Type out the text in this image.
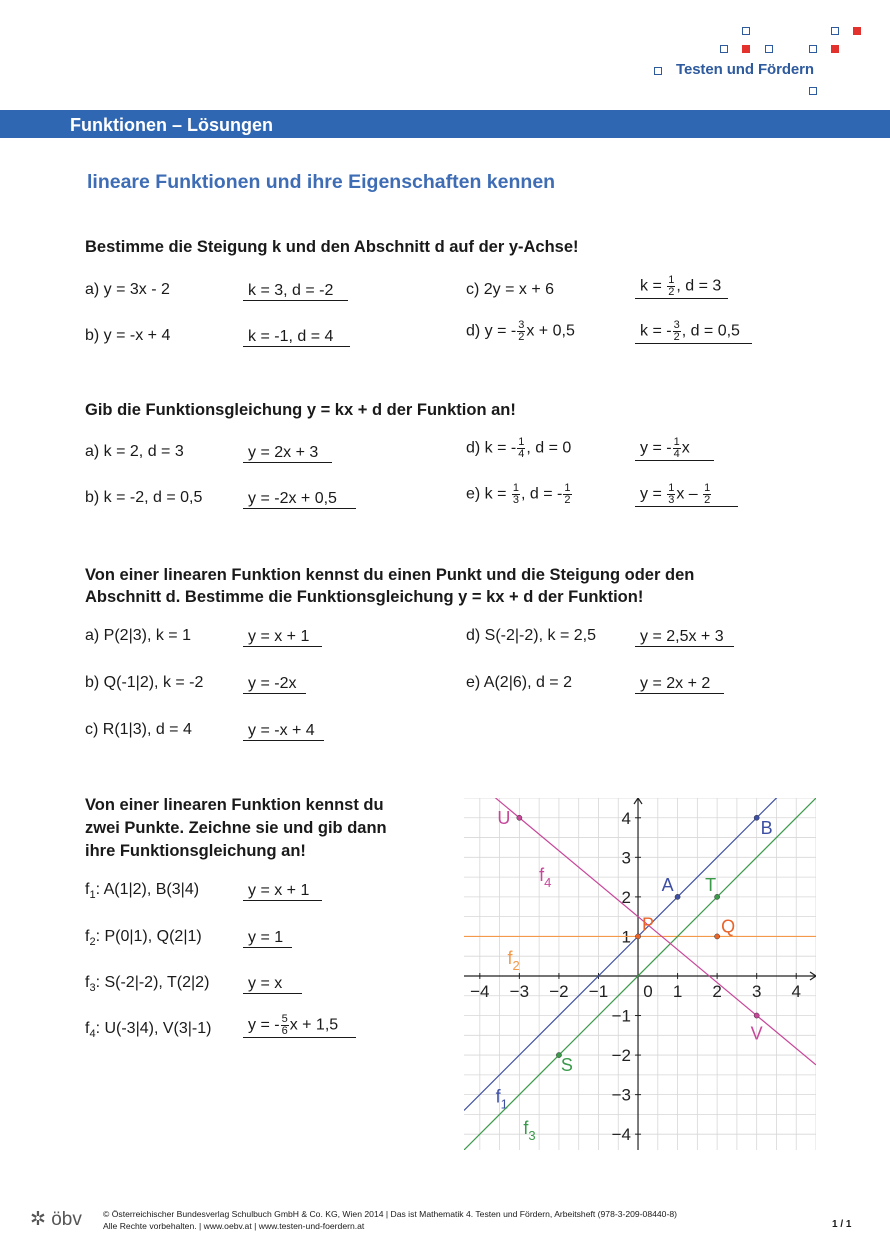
Testen und Fördern
Funktionen – Lösungen
lineare Funktionen und ihre Eigenschaften kennen
Bestimme die Steigung k und den Abschnitt d auf der y-Achse!
a) y = 3x - 2	k = 3, d = -2	c) 2y = x + 6	$k = \frac{1}{2}$ , d = 3
b) y = -x + 4	k = -1, d = 4	d) y = - $\frac{3}{2}$ x + 0,5	k = - $\frac{3}{2}$ , d = 0,5
Gib die Funktionsgleichung y = kx + d der Funktion an!
a) k = 2, d = 3	y = 2x + 3	d) k = - $\frac{1}{4}$ , d = 0	y = - $\frac{1}{4}$ x
b) k = -2, d = 0,5	y = -2x + 0,5	e) $k = \frac{1}{3}$ , d = - $\frac{1}{2}$	$y = \frac{1}{3}$ x – $\frac{1}{2}$
Von einer linearen Funktion kennst du einen Punkt und die Steigung oder den
Abschnitt d. Bestimme die Funktionsgleichung y = kx + d der Funktion!
a) P(2|3), k = 1	y = x + 1	d) S(-2|-2), k = 2,5	y = 2,5x + 3
b) Q(-1|2), k = -2	y = -2x	e) A(2|6), d = 2	y = 2x + 2
c) R(1|3), d = 4	y = -x + 4
Von einer linearen Funktion kennst du
zwei Punkte. Zeichne sie und gib dann
ihre Funktionsgleichung an!
$f_1$: A(1|2), B(3|4)	y = x + 1
$f_2$: P(0|1), Q(2|1)	y = 1
$f_3$: S(-2|-2), T(2|2)	y = x
$f_4$: U(-3|4), V(3|-1)	y = - $\frac{5}{6}$ x + 1,5
−4 −3 −2 −1 0 1 2 3 4
−4
−3
−2
−1
1
2
3
4
$f_1$
$f_2$
$f_3$
$f_4$	A
B
P	Q
S
T
U
V
✲ öbv © Österreichischer Bundesverlag Schulbuch GmbH & Co. KG, Wien 2014 | Das ist Mathematik 4. Testen und Fördern, Arbeitsheft (978-3-209-08440-8)
Alle Rechte vorbehalten. | www.oebv.at | www.testen-und-foerdern.at	1 / 1
